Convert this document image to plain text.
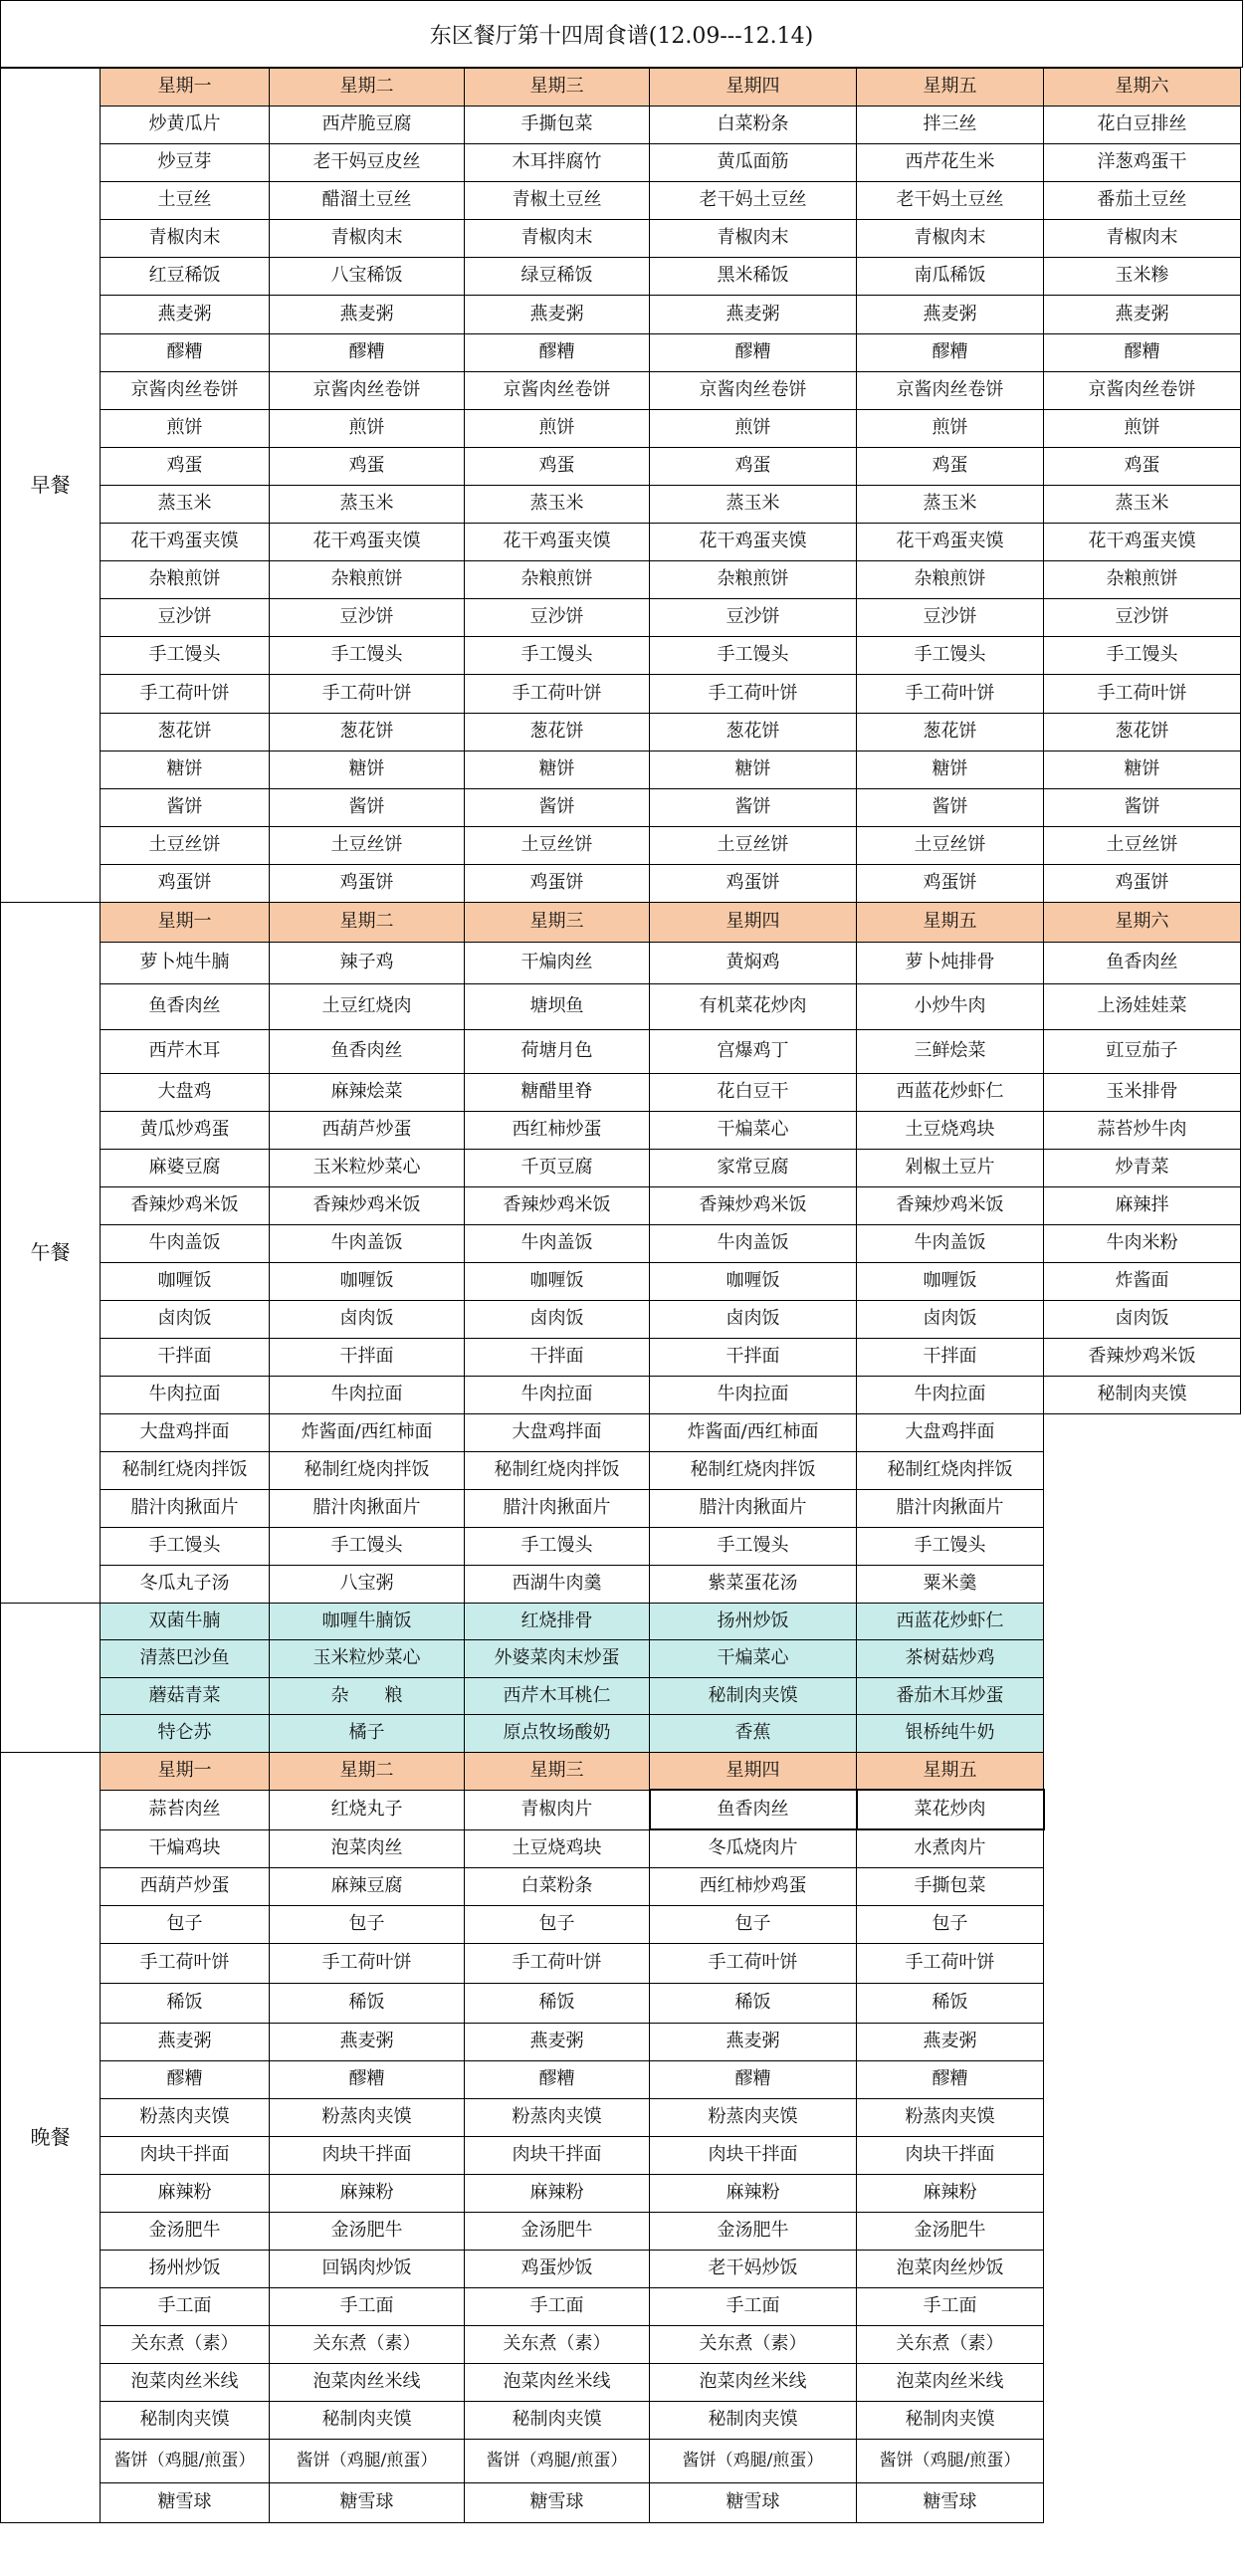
东区餐厅第十四周食谱(12.09---12.14)
早餐	星期一	星期二	星期三	星期四	星期五	星期六
	炒黄瓜片	西芹脆豆腐	手撕包菜	白菜粉条	拌三丝	花白豆排丝
	炒豆芽	老干妈豆皮丝	木耳拌腐竹	黄瓜面筋	西芹花生米	洋葱鸡蛋干
	土豆丝	醋溜土豆丝	青椒土豆丝	老干妈土豆丝	老干妈土豆丝	番茄土豆丝
	青椒肉末	青椒肉末	青椒肉末	青椒肉末	青椒肉末	青椒肉末
	红豆稀饭	八宝稀饭	绿豆稀饭	黑米稀饭	南瓜稀饭	玉米糁
	燕麦粥	燕麦粥	燕麦粥	燕麦粥	燕麦粥	燕麦粥
	醪糟	醪糟	醪糟	醪糟	醪糟	醪糟
	京酱肉丝卷饼	京酱肉丝卷饼	京酱肉丝卷饼	京酱肉丝卷饼	京酱肉丝卷饼	京酱肉丝卷饼
	煎饼	煎饼	煎饼	煎饼	煎饼	煎饼
	鸡蛋	鸡蛋	鸡蛋	鸡蛋	鸡蛋	鸡蛋
	蒸玉米	蒸玉米	蒸玉米	蒸玉米	蒸玉米	蒸玉米
	花干鸡蛋夹馍	花干鸡蛋夹馍	花干鸡蛋夹馍	花干鸡蛋夹馍	花干鸡蛋夹馍	花干鸡蛋夹馍
	杂粮煎饼	杂粮煎饼	杂粮煎饼	杂粮煎饼	杂粮煎饼	杂粮煎饼
	豆沙饼	豆沙饼	豆沙饼	豆沙饼	豆沙饼	豆沙饼
	手工馒头	手工馒头	手工馒头	手工馒头	手工馒头	手工馒头
	手工荷叶饼	手工荷叶饼	手工荷叶饼	手工荷叶饼	手工荷叶饼	手工荷叶饼
	葱花饼	葱花饼	葱花饼	葱花饼	葱花饼	葱花饼
	糖饼	糖饼	糖饼	糖饼	糖饼	糖饼
	酱饼	酱饼	酱饼	酱饼	酱饼	酱饼
	土豆丝饼	土豆丝饼	土豆丝饼	土豆丝饼	土豆丝饼	土豆丝饼
	鸡蛋饼	鸡蛋饼	鸡蛋饼	鸡蛋饼	鸡蛋饼	鸡蛋饼
午餐	星期一	星期二	星期三	星期四	星期五	星期六
	萝卜炖牛腩	辣子鸡	干煸肉丝	黄焖鸡	萝卜炖排骨	鱼香肉丝
	鱼香肉丝	土豆红烧肉	塘坝鱼	有机菜花炒肉	小炒牛肉	上汤娃娃菜
	西芹木耳	鱼香肉丝	荷塘月色	宫爆鸡丁	三鲜烩菜	豇豆茄子
	大盘鸡	麻辣烩菜	糖醋里脊	花白豆干	西蓝花炒虾仁	玉米排骨
	黄瓜炒鸡蛋	西葫芦炒蛋	西红柿炒蛋	干煸菜心	土豆烧鸡块	蒜苔炒牛肉
	麻婆豆腐	玉米粒炒菜心	千页豆腐	家常豆腐	剁椒土豆片	炒青菜
	香辣炒鸡米饭	香辣炒鸡米饭	香辣炒鸡米饭	香辣炒鸡米饭	香辣炒鸡米饭	麻辣拌
	牛肉盖饭	牛肉盖饭	牛肉盖饭	牛肉盖饭	牛肉盖饭	牛肉米粉
	咖喱饭	咖喱饭	咖喱饭	咖喱饭	咖喱饭	炸酱面
	卤肉饭	卤肉饭	卤肉饭	卤肉饭	卤肉饭	卤肉饭
	干拌面	干拌面	干拌面	干拌面	干拌面	香辣炒鸡米饭
	牛肉拉面	牛肉拉面	牛肉拉面	牛肉拉面	牛肉拉面	秘制肉夹馍
	大盘鸡拌面	炸酱面/西红柿面	大盘鸡拌面	炸酱面/西红柿面	大盘鸡拌面	
	秘制红烧肉拌饭	秘制红烧肉拌饭	秘制红烧肉拌饭	秘制红烧肉拌饭	秘制红烧肉拌饭	
	腊汁肉揪面片	腊汁肉揪面片	腊汁肉揪面片	腊汁肉揪面片	腊汁肉揪面片	
	手工馒头	手工馒头	手工馒头	手工馒头	手工馒头	
	冬瓜丸子汤	八宝粥	西湖牛肉羹	紫菜蛋花汤	粟米羹	
	双菌牛腩	咖喱牛腩饭	红烧排骨	扬州炒饭	西蓝花炒虾仁	
	清蒸巴沙鱼	玉米粒炒菜心	外婆菜肉末炒蛋	干煸菜心	茶树菇炒鸡	
	蘑菇青菜	杂　　粮	西芹木耳桃仁	秘制肉夹馍	番茄木耳炒蛋	
	特仑苏	橘子	原点牧场酸奶	香蕉	银桥纯牛奶	
晚餐	星期一	星期二	星期三	星期四	星期五	
	蒜苔肉丝	红烧丸子	青椒肉片	鱼香肉丝	菜花炒肉	
	干煸鸡块	泡菜肉丝	土豆烧鸡块	冬瓜烧肉片	水煮肉片	
	西葫芦炒蛋	麻辣豆腐	白菜粉条	西红柿炒鸡蛋	手撕包菜	
	包子	包子	包子	包子	包子	
	手工荷叶饼	手工荷叶饼	手工荷叶饼	手工荷叶饼	手工荷叶饼	
	稀饭	稀饭	稀饭	稀饭	稀饭	
	燕麦粥	燕麦粥	燕麦粥	燕麦粥	燕麦粥	
	醪糟	醪糟	醪糟	醪糟	醪糟	
	粉蒸肉夹馍	粉蒸肉夹馍	粉蒸肉夹馍	粉蒸肉夹馍	粉蒸肉夹馍	
	肉块干拌面	肉块干拌面	肉块干拌面	肉块干拌面	肉块干拌面	
	麻辣粉	麻辣粉	麻辣粉	麻辣粉	麻辣粉	
	金汤肥牛	金汤肥牛	金汤肥牛	金汤肥牛	金汤肥牛	
	扬州炒饭	回锅肉炒饭	鸡蛋炒饭	老干妈炒饭	泡菜肉丝炒饭	
	手工面	手工面	手工面	手工面	手工面	
	关东煮（素）	关东煮（素）	关东煮（素）	关东煮（素）	关东煮（素）	
	泡菜肉丝米线	泡菜肉丝米线	泡菜肉丝米线	泡菜肉丝米线	泡菜肉丝米线	
	秘制肉夹馍	秘制肉夹馍	秘制肉夹馍	秘制肉夹馍	秘制肉夹馍	
	酱饼（鸡腿/煎蛋）	酱饼（鸡腿/煎蛋）	酱饼（鸡腿/煎蛋）	酱饼（鸡腿/煎蛋）	酱饼（鸡腿/煎蛋）	
	糖雪球	糖雪球	糖雪球	糖雪球	糖雪球	
